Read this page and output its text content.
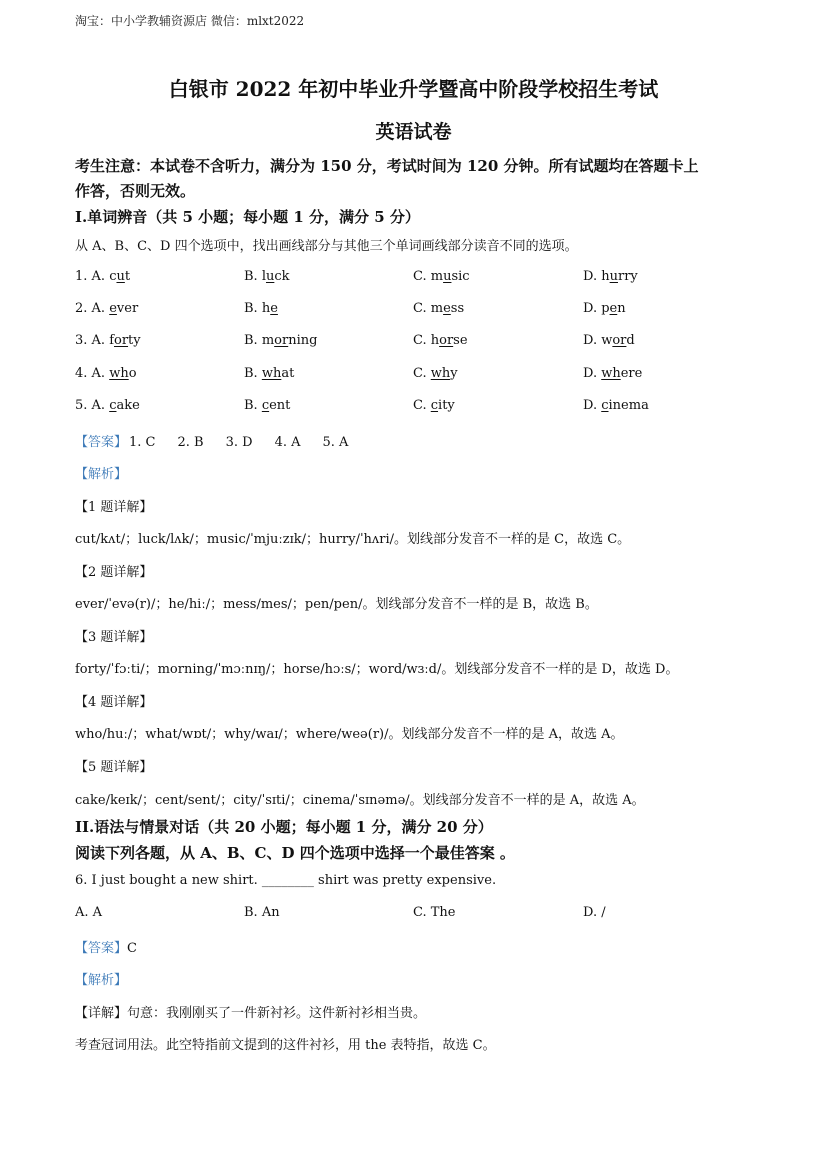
淘宝：中小学教辅资源店 微信：mlxt2022
白银市 2022 年初中毕业升学暨高中阶段学校招生考试
英语试卷
考生注意：本试卷不含听力，满分为 150 分，考试时间为 120 分钟。所有试题均在答题卡上
作答，否则无效。
I.单词辨音（共 5 小题；每小题 1 分，满分 5 分）
从 A、B、C、D 四个选项中，找出画线部分与其他三个单词画线部分读音不同的选项。
1. A. cut	B. luck	C. music	D. hurry
2. A. ever	B. he	C. mess	D. pen
3. A. forty	B. morning	C. horse	D. word
4. A. who	B. what	C. why	D. where
5. A. cake	B. cent	C. city	D. cinema
【答案】 1. C 2. B 3. D 4. A 5. A
【解析】
【1 题详解】
cut/kʌt/；luck/lʌk/；music/ˈmjuːzɪk/；hurry/ˈhʌri/。划线部分发音不一样的是 C，故选 C。
【2 题详解】
ever/ˈevə(r)/；he/hiː/；mess/mes/；pen/pen/。划线部分发音不一样的是 B，故选 B。
【3 题详解】
forty/ˈfɔːti/；morning/ˈmɔːnɪŋ/；horse/hɔːs/；word/wɜːd/。划线部分发音不一样的是 D，故选 D。
【4 题详解】
who/huː/；what/wɒt/；why/waɪ/；where/weə(r)/。划线部分发音不一样的是 A，故选 A。
【5 题详解】
cake/keɪk/；cent/sent/；city/ˈsɪti/；cinema/ˈsɪnəmə/。划线部分发音不一样的是 A，故选 A。
II.语法与情景对话（共 20 小题；每小题 1 分，满分 20 分）
阅读下列各题，从 A、B、C、D 四个选项中选择一个最佳答案 。
6. I just bought a new shirt. ________ shirt was pretty expensive.
A. A	B. An	C. The	D. /
【答案】C
【解析】
【详解】句意：我刚刚买了一件新衬衫。这件新衬衫相当贵。
考查冠词用法。此空特指前文提到的这件衬衫，用 the 表特指，故选 C。
